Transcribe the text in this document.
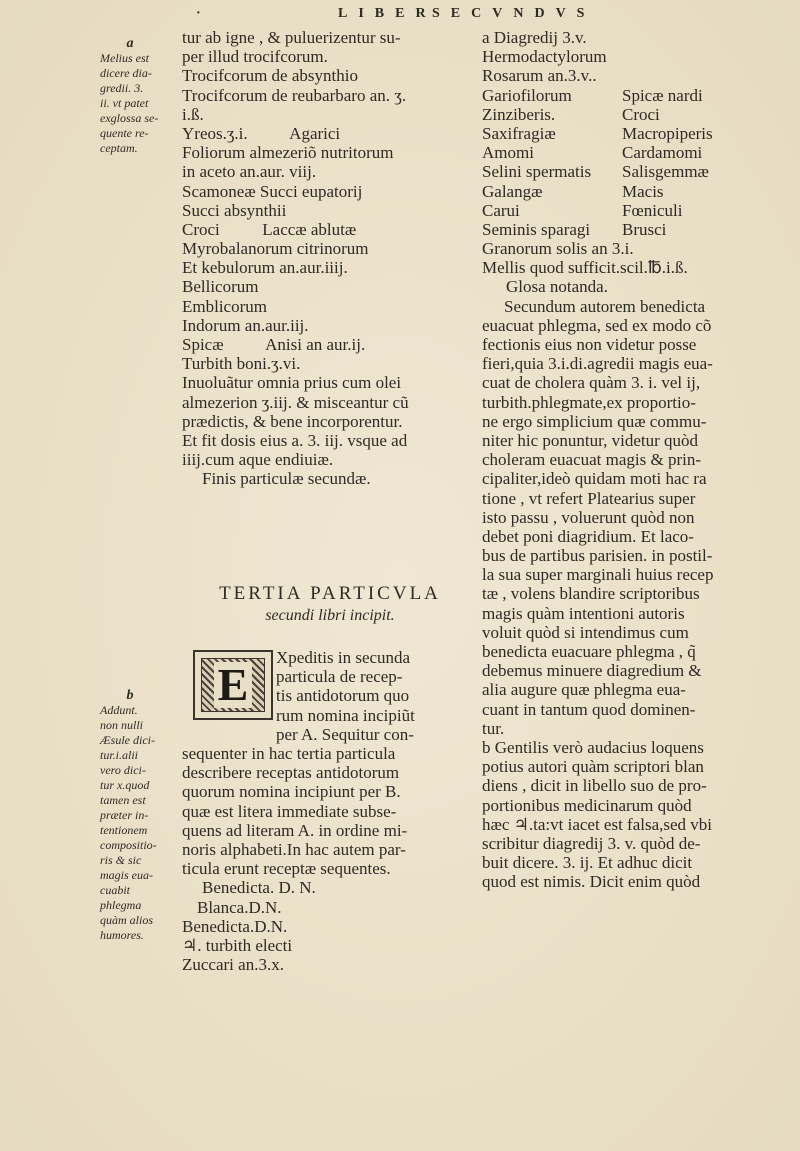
·	LIBER
SECVNDVS
a
Melius est
dicere dia-
gredii. 3.
ii. vt patet
exglossa se-
quente re-
ceptam.
b
Addunt.
non nulli
Æsule dici-
tur.i.alii
vero dici-
tur x.quod
tamen est
præter in-
tentionem
compositio-
ris & sic
magis eua-
cuabit
phlegma
quàm alios
humores.
tur ab igne , & puluerizentur su-
per illud trocifcorum.
Trocifcorum de absynthio
Trocifcorum de reubarbaro an. ʒ.
i.ß.
Yreos.ʒ.i.          Agarici
Foliorum almezeriõ nutritorum
in aceto an.aur. viij.
Scamoneæ Succi eupatorij
Succi absynthii
Croci          Laccæ ablutæ
Myrobalanorum citrinorum
Et kebulorum an.aur.iiij.
Bellicorum
Emblicorum
Indorum an.aur.iij.
Spicæ          Anisi an aur.ij.
Turbith boni.ʒ.vi.
Inuoluãtur omnia prius cum olei
almezerion ʒ.iij. & misceantur cũ
prædictis, & bene incorporentur.
Et fit dosis eius a. 3. iij. vsque ad
iiij.cum aque endiuiæ.
Finis particulæ secundæ.
TERTIA PARTICVLA
secundi libri incipit.
E
Xpeditis in secunda
particula de recep-
tis antidotorum quo
rum nomina incipiũt
per A. Sequitur con-
sequenter in hac tertia particula
describere receptas antidotorum
quorum nomina incipiunt per B.
quæ est litera immediate subse-
quens ad literam A. in ordine mi-
noris alphabeti.In hac autem par-
ticula erunt receptæ sequentes.
Benedicta. D. N.
Blanca.D.N.
Benedicta.D.N.
♃. turbith electi
Zuccari an.3.x.
a Diagredij 3.v.
Hermodactylorum
Rosarum an.3.v..
Gariofilorum	Spicæ nardi
Zinziberis.	Croci
Saxifragiæ	Macropiperis
Amomi	Cardamomi
Selini spermatis	Salisgemmæ
Galangæ	Macis
Carui	Fœniculi
Seminis sparagi	Brusci
Granorum solis an 3.i.
Mellis quod sufficit.scil.℔.i.ß.
Glosa notanda.
Secundum autorem benedicta
euacuat phlegma, sed ex modo cõ
fectionis eius non videtur posse
fieri,quia 3.i.di.agredii magis eua-
cuat de cholera quàm 3. i. vel ij,
turbith.phlegmate,ex proportio-
ne ergo simplicium quæ commu-
niter hic ponuntur, videtur quòd
choleram euacuat magis & prin-
cipaliter,ideò quidam moti hac ra
tione , vt refert Platearius super
isto passu , voluerunt quòd non
debet poni diagridium. Et laco-
bus de partibus parisien. in postil-
la sua super marginali huius recep
tæ , volens blandire scriptoribus
magis quàm intentioni autoris
voluit quòd si intendimus cum
benedicta euacuare phlegma , q̃
debemus minuere diagredium &
alia augure quæ phlegma eua-
cuant in tantum quod dominen-
tur.
b Gentilis verò audacius loquens
potius autori quàm scriptori blan
diens , dicit in libello suo de pro-
portionibus medicinarum quòd
hæc ♃.ta:vt iacet est falsa,sed vbi
scribitur diagredij 3. v. quòd de-
buit dicere. 3. ij. Et adhuc dicit
quod est nimis. Dicit enim quòd
